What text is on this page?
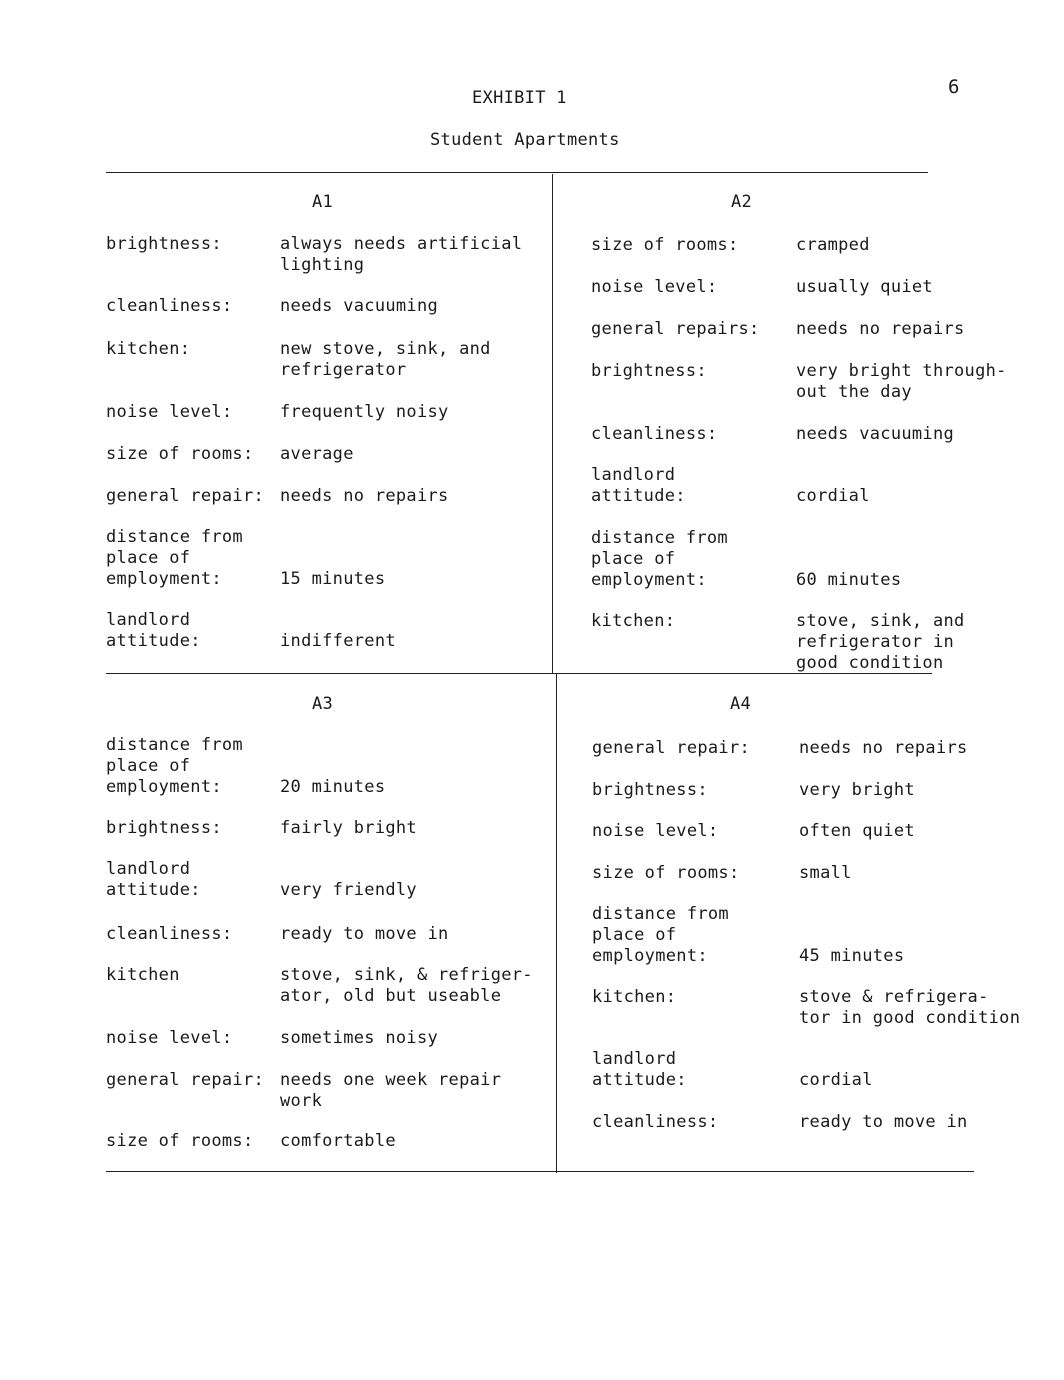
6
EXHIBIT 1
Student Apartments
A1
brightness:	always needs artificial
lighting
cleanliness:	needs vacuuming
kitchen:	new stove, sink, and
refrigerator
noise level:	frequently noisy
size of rooms: average
general repair: needs no repairs
distance from
place of
employment:	

15 minutes
landlord
attitude:	
indifferent
A2
size of rooms:	cramped
noise level:	usually quiet
general repairs: needs no repairs
brightness:	very bright through-
out the day
cleanliness:	needs vacuuming
landlord
attitude:	
cordial
distance from
place of
employment:	

60 minutes
kitchen:	stove, sink, and
refrigerator in
good condition
A3
distance from
place of
employment:	

20 minutes
brightness:	fairly bright
landlord
attitude:	
very friendly
cleanliness:	ready to move in
kitchen	stove, sink, & refriger-
ator, old but useable
noise level:	sometimes noisy
general repair: needs one week repair
work
size of rooms: comfortable
A4
general repair:	needs no repairs
brightness:	very bright
noise level:	often quiet
size of rooms:	small
distance from
place of
employment:	

45 minutes
kitchen:	stove & refrigera-
tor in good condition
landlord
attitude:	
cordial
cleanliness:	ready to move in
